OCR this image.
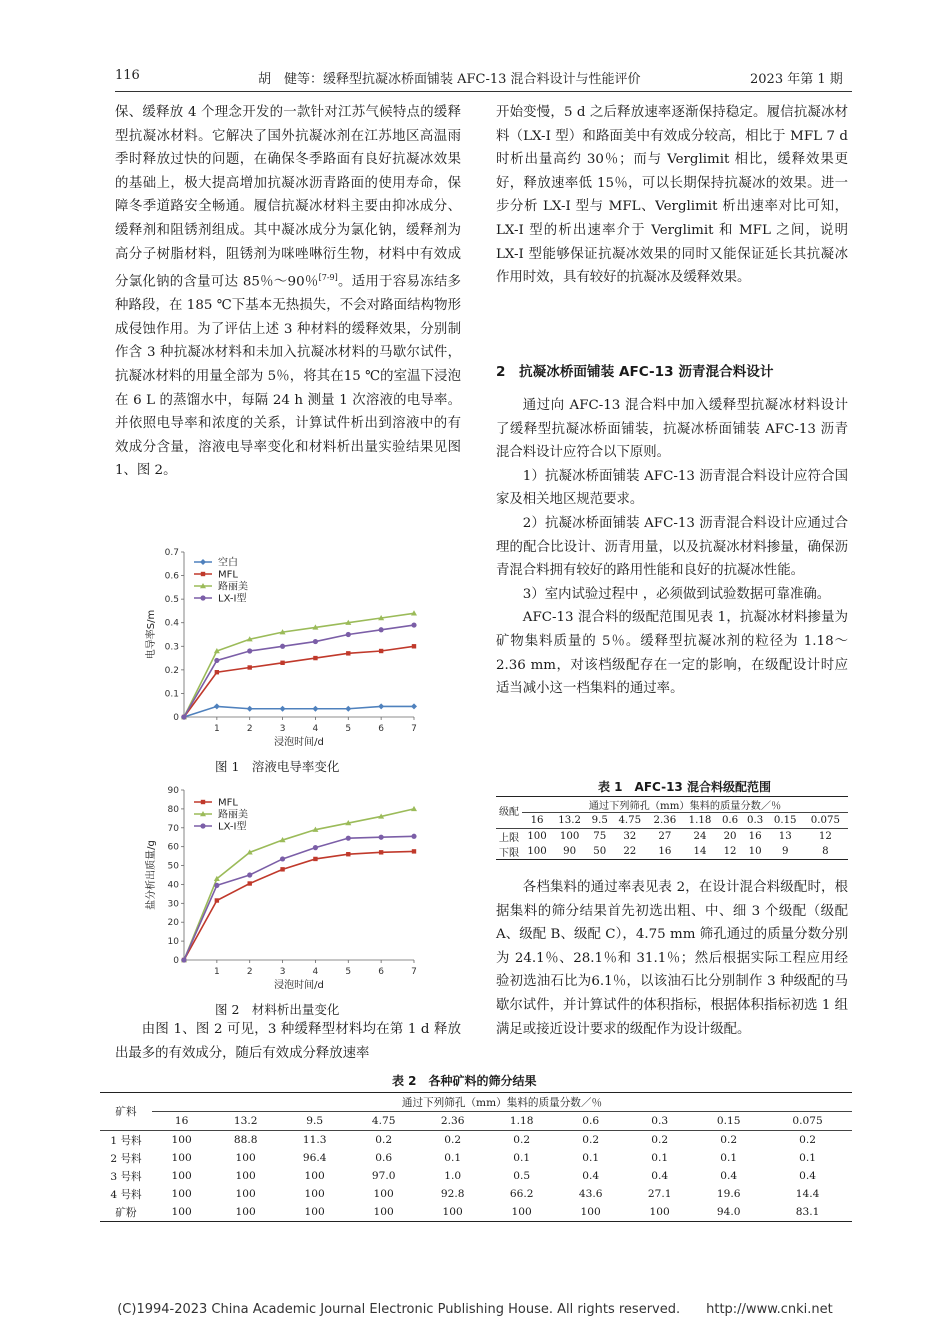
116	胡　健等：缓释型抗凝冰桥面铺装 AFC-13 混合料设计与性能评价	2023 年第 1 期

保、缓释放 4 个理念开发的一款针对江苏气候特点的缓释型抗凝冰材料。它解决了国外抗凝冰剂在江苏地区高温雨季时释放过快的问题，在确保冬季路面有良好抗凝冰效果的基础上，极大提高增加抗凝冰沥青路面的使用寿命，保障冬季道路安全畅通。履信抗凝冰材料主要由抑冰成分、缓释剂和阻锈剂组成。其中凝冰成分为氯化钠，缓释剂为高分子树脂材料，阻锈剂为咪唑啉衍生物，材料中有效成分氯化钠的含量可达 85％～90％[7-9]。适用于容易冻结多种路段，在 185 ℃下基本无热损失，不会对路面结构物形成侵蚀作用。为了评估上述 3 种材料的缓释效果，分别制作含 3 种抗凝冰材料和未加入抗凝冰材料的马歇尔试件，抗凝冰材料的用量全部为 5％，将其在15 ℃的室温下浸泡在 6 L 的蒸馏水中，每隔 24 h 测量 1 次溶液的电导率。并依照电导率和浓度的关系，计算试件析出到溶液中的有效成分含量，溶液电导率变化和材料析出量实验结果见图 1、图 2。

0
0.1
0.2
0.3
0.4
0.5
0.6
0.7
1	2	3	4	5	6	7
浸泡时间/d
电导率S/m
空白
MFL
路丽美
LX-I型
图 1　溶液电导率变化
0
10
20
30
40
50
60
70
80
90
1	2	3	4	5	6	7
浸泡时间/d
盐分析出质量/g
MFL
路丽美
LX-I型
图 2　材料析出量变化

由图 1、图 2 可见，3 种缓释型材料均在第 1 d 释放出最多的有效成分，随后有效成分释放速率

开始变慢，5 d 之后释放速率逐渐保持稳定。履信抗凝冰材料（LX-I 型）和路面美中有效成分较高，相比于 MFL 7 d 时析出量高约 30％；而与 Verglimit 相比，缓释效果更好，释放速率低 15％，可以长期保持抗凝冰的效果。进一步分析 LX-I 型与 MFL、Verglimit 析出速率对比可知，LX-I 型的析出速率介于 Verglimit 和 MFL 之间，说明 LX-I 型能够保证抗凝冰效果的同时又能保证延长其抗凝冰作用时效，具有较好的抗凝冰及缓释效果。

2　抗凝冰桥面铺装 AFC-13 沥青混合料设计

通过向 AFC-13 混合料中加入缓释型抗凝冰材料设计了缓释型抗凝冰桥面铺装，抗凝冰桥面铺装 AFC-13 沥青混合料设计应符合以下原则。

1）抗凝冰桥面铺装 AFC-13 沥青混合料设计应符合国家及相关地区规范要求。

2）抗凝冰桥面铺装 AFC-13 沥青混合料设计应通过合理的配合比设计、沥青用量，以及抗凝冰材料掺量，确保沥青混合料拥有较好的路用性能和良好的抗凝冰性能。

3）室内试验过程中 ，必须做到试验数据可靠准确。

AFC-13 混合料的级配范围见表 1，抗凝冰材料掺量为矿物集料质量的 5％。缓释型抗凝冰剂的粒径为 1.18～2.36 mm，对该档级配存在一定的影响，在级配设计时应适当减小这一档集料的通过率。

表 1　AFC-13 混合料级配范围
级配	通过下列筛孔（mm）集料的质量分数／％									
	16	13.2	9.5	4.75	2.36	1.18	0.6	0.3	0.15	0.075
上限	100	100	75	32	27	24	20	16	13	12
下限	100	90	50	22	16	14	12	10	9	8

各档集料的通过率表见表 2，在设计混合料级配时，根据集料的筛分结果首先初选出粗、中、细 3 个级配（级配 A、级配 B、级配 C），4.75 mm 筛孔通过的质量分数分别为 24.1％、28.1％和 31.1％；然后根据实际工程应用经验初选油石比为6.1％，以该油石比分别制作 3 种级配的马歇尔试件，并计算试件的体积指标，根据体积指标初选 1 组满足或接近设计要求的级配作为设计级配。

表 2　各种矿料的筛分结果
矿料	通过下列筛孔（mm）集料的质量分数／％									
	16	13.2	9.5	4.75	2.36	1.18	0.6	0.3	0.15	0.075
1 号料	100	88.8	11.3	0.2	0.2	0.2	0.2	0.2	0.2	0.2
2 号料	100	100	96.4	0.6	0.1	0.1	0.1	0.1	0.1	0.1
3 号料	100	100	100	97.0	1.0	0.5	0.4	0.4	0.4	0.4
4 号料	100	100	100	100	92.8	66.2	43.6	27.1	19.6	14.4
矿粉	100	100	100	100	100	100	100	100	94.0	83.1
(C)1994-2023 China Academic Journal Electronic Publishing House. All rights reserved.　　http://www.cnki.net
